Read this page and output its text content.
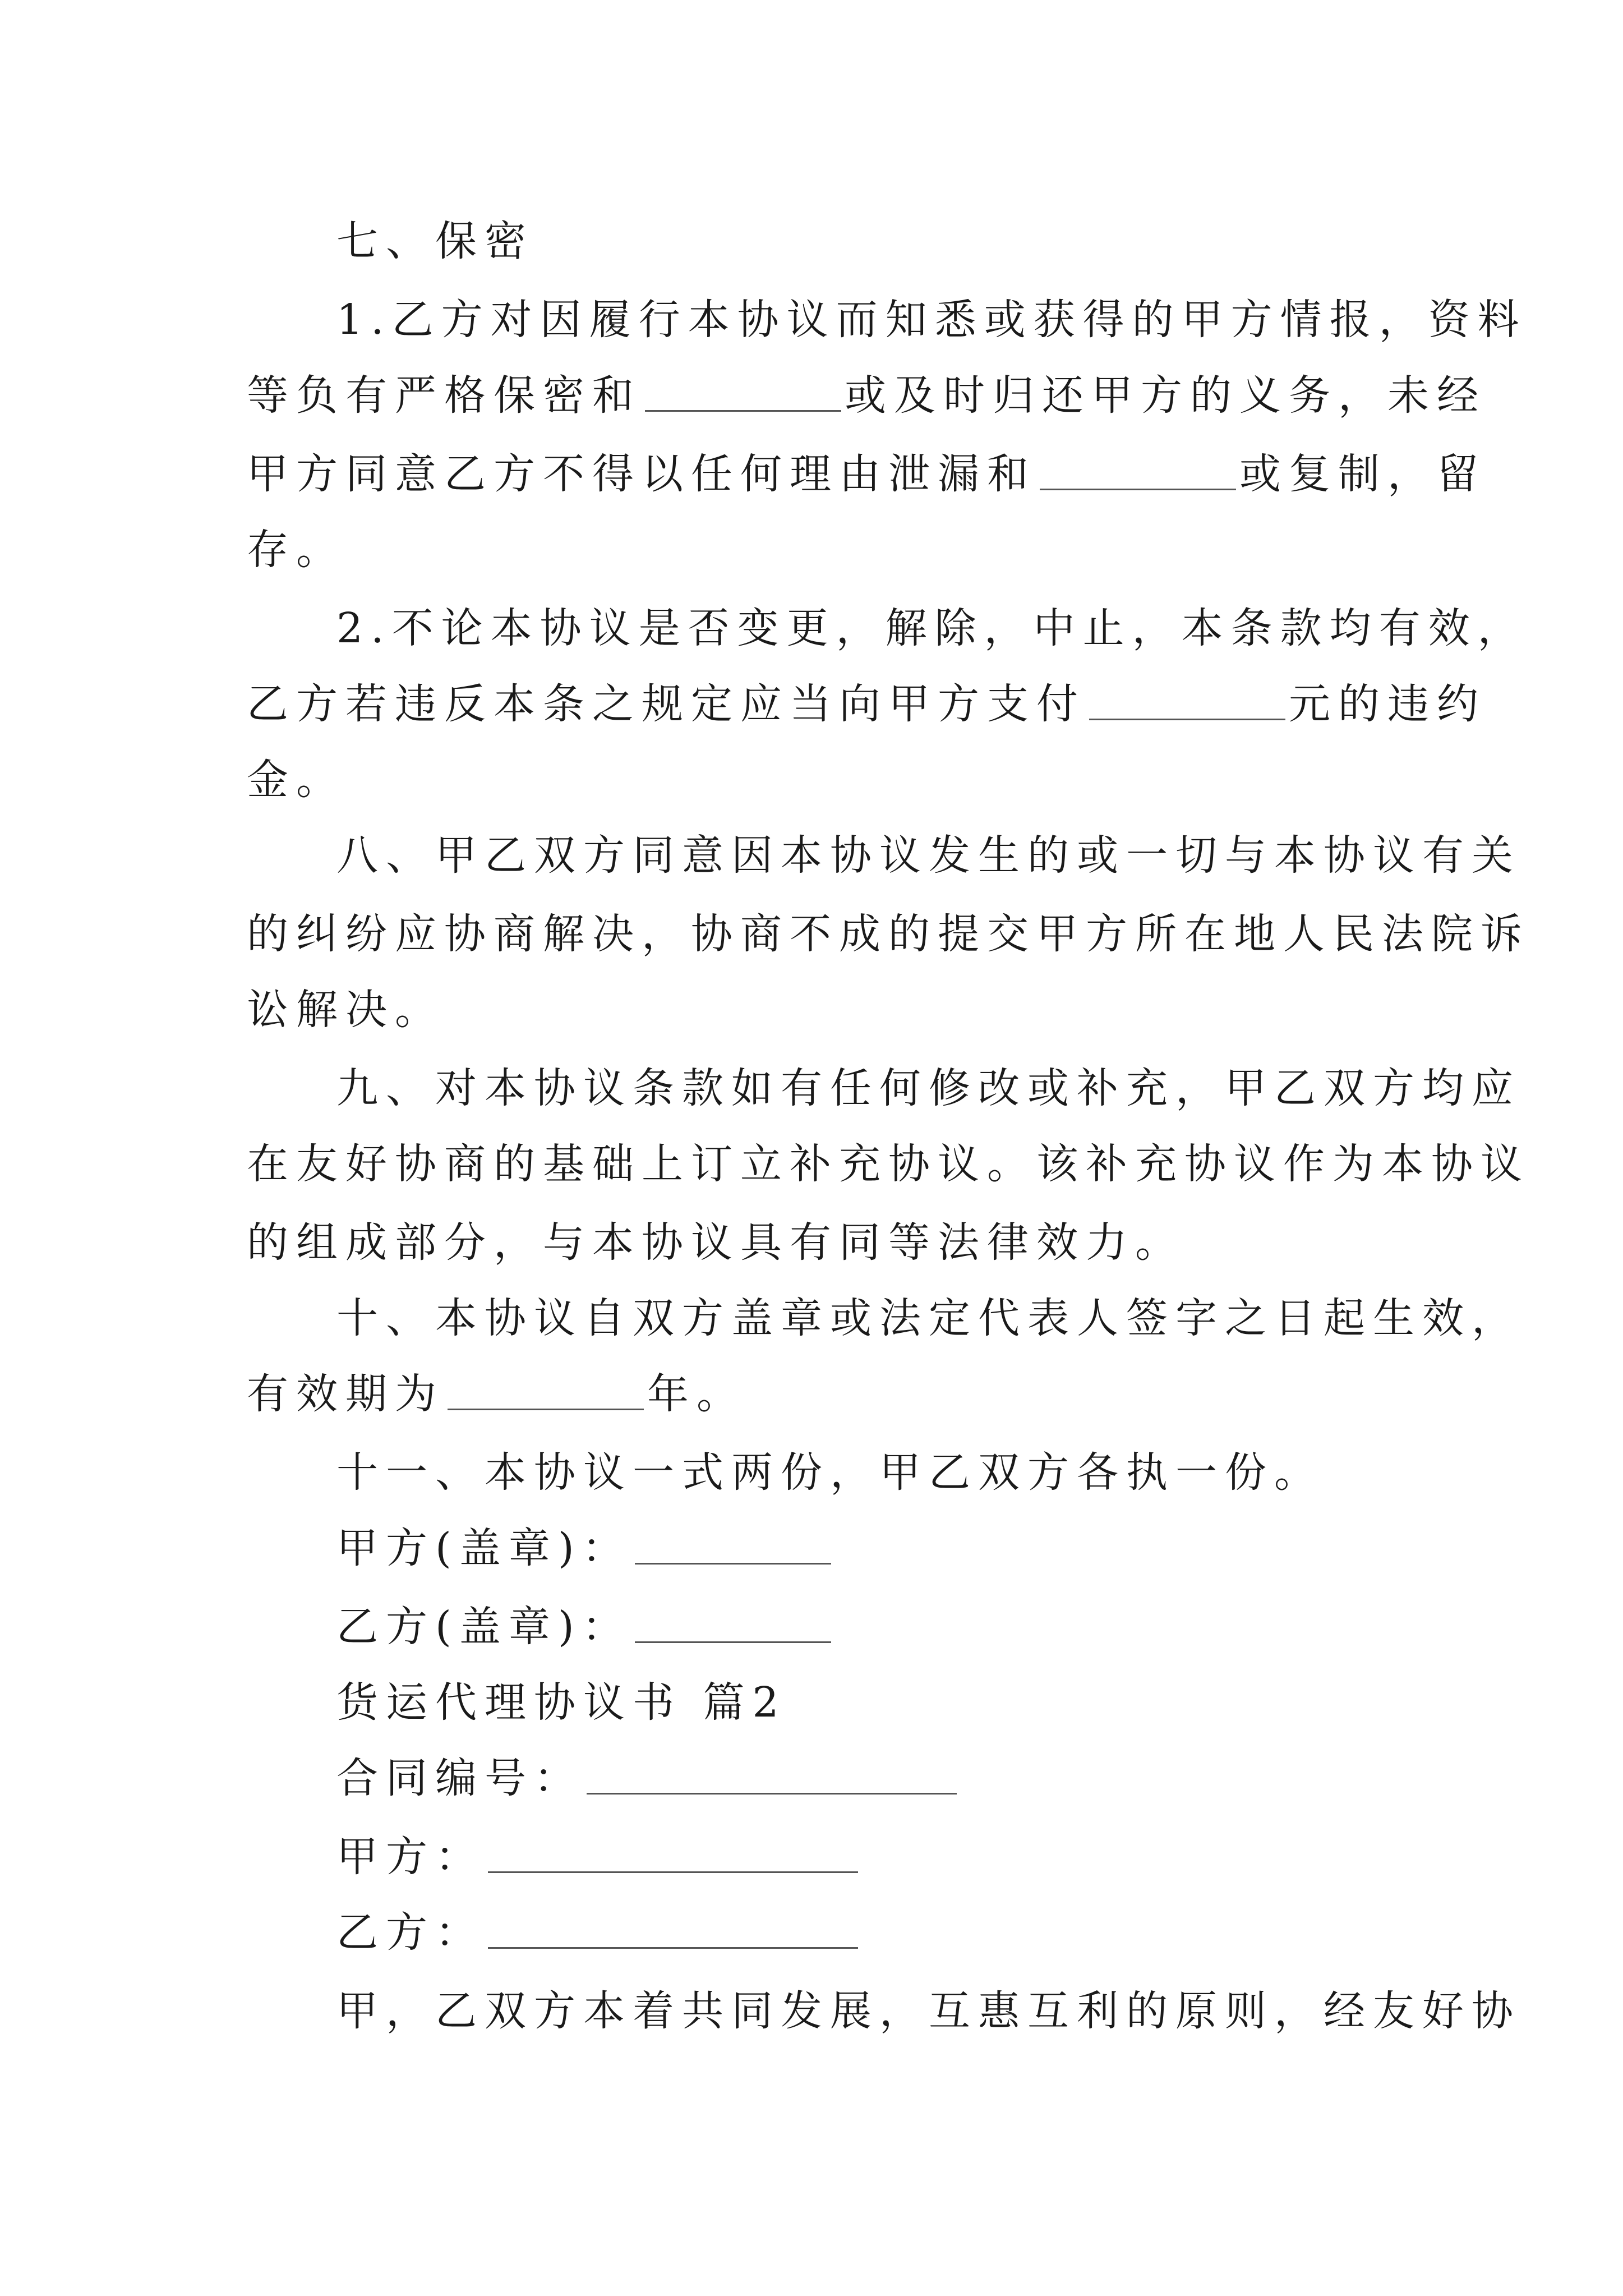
七、保密
1.乙方对因履行本协议而知悉或获得的甲方情报，资料
等负有严格保密和	或及时归还甲方的义务，未经
甲方同意乙方不得以任何理由泄漏和	或复制，留
存。
2.不论本协议是否变更，解除，中止，本条款均有效，
乙方若违反本条之规定应当向甲方支付	元的违约
金。
八、甲乙双方同意因本协议发生的或一切与本协议有关
的纠纷应协商解决，协商不成的提交甲方所在地人民法院诉
讼解决。
九、对本协议条款如有任何修改或补充，甲乙双方均应
在友好协商的基础上订立补充协议。该补充协议作为本协议
的组成部分，与本协议具有同等法律效力。
十、本协议自双方盖章或法定代表人签字之日起生效，
有效期为	年。
十一、本协议一式两份，甲乙双方各执一份。
甲方(盖章)：
乙方(盖章)：
货运代理协议书 篇2
合同编号：
甲方：
乙方：
甲，乙双方本着共同发展，互惠互利的原则，经友好协
